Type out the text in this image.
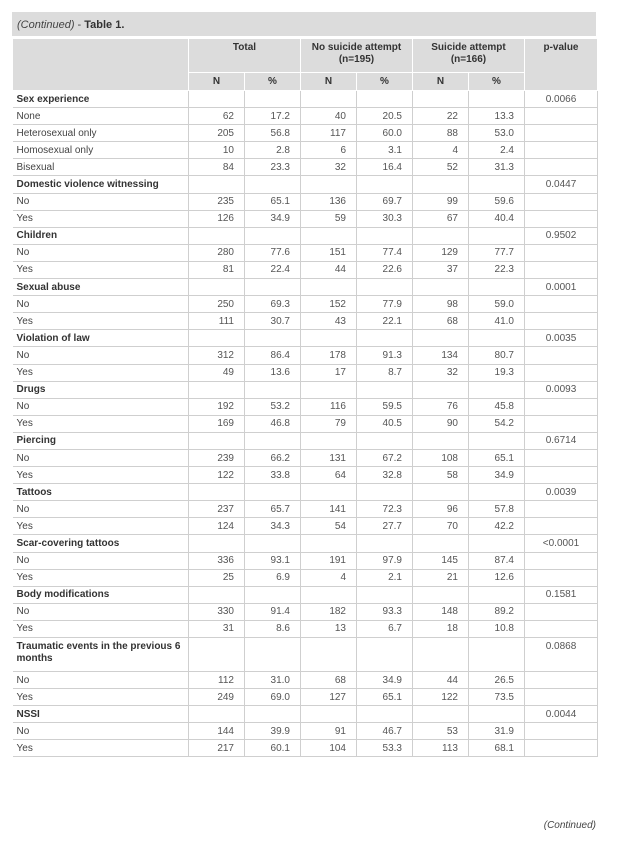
(Continued) - Table 1.
	Total		No suicide attempt (n=195)		Suicide attempt (n=166)		p-value
	N	%	N	%	N	%	
Sex experience							0.0066
None	62	17.2	40	20.5	22	13.3	
Heterosexual only	205	56.8	117	60.0	88	53.0	
Homosexual only	10	2.8	6	3.1	4	2.4	
Bisexual	84	23.3	32	16.4	52	31.3	
Domestic violence witnessing							0.0447
No	235	65.1	136	69.7	99	59.6	
Yes	126	34.9	59	30.3	67	40.4	
Children							0.9502
No	280	77.6	151	77.4	129	77.7	
Yes	81	22.4	44	22.6	37	22.3	
Sexual abuse							0.0001
No	250	69.3	152	77.9	98	59.0	
Yes	111	30.7	43	22.1	68	41.0	
Violation of law							0.0035
No	312	86.4	178	91.3	134	80.7	
Yes	49	13.6	17	8.7	32	19.3	
Drugs							0.0093
No	192	53.2	116	59.5	76	45.8	
Yes	169	46.8	79	40.5	90	54.2	
Piercing							0.6714
No	239	66.2	131	67.2	108	65.1	
Yes	122	33.8	64	32.8	58	34.9	
Tattoos							0.0039
No	237	65.7	141	72.3	96	57.8	
Yes	124	34.3	54	27.7	70	42.2	
Scar-covering tattoos							<0.0001
No	336	93.1	191	97.9	145	87.4	
Yes	25	6.9	4	2.1	21	12.6	
Body modifications							0.1581
No	330	91.4	182	93.3	148	89.2	
Yes	31	8.6	13	6.7	18	10.8	
Traumatic events in the previous 6 months							0.0868
No	112	31.0	68	34.9	44	26.5	
Yes	249	69.0	127	65.1	122	73.5	
NSSI							0.0044
No	144	39.9	91	46.7	53	31.9	
Yes	217	60.1	104	53.3	113	68.1	
(Continued)
